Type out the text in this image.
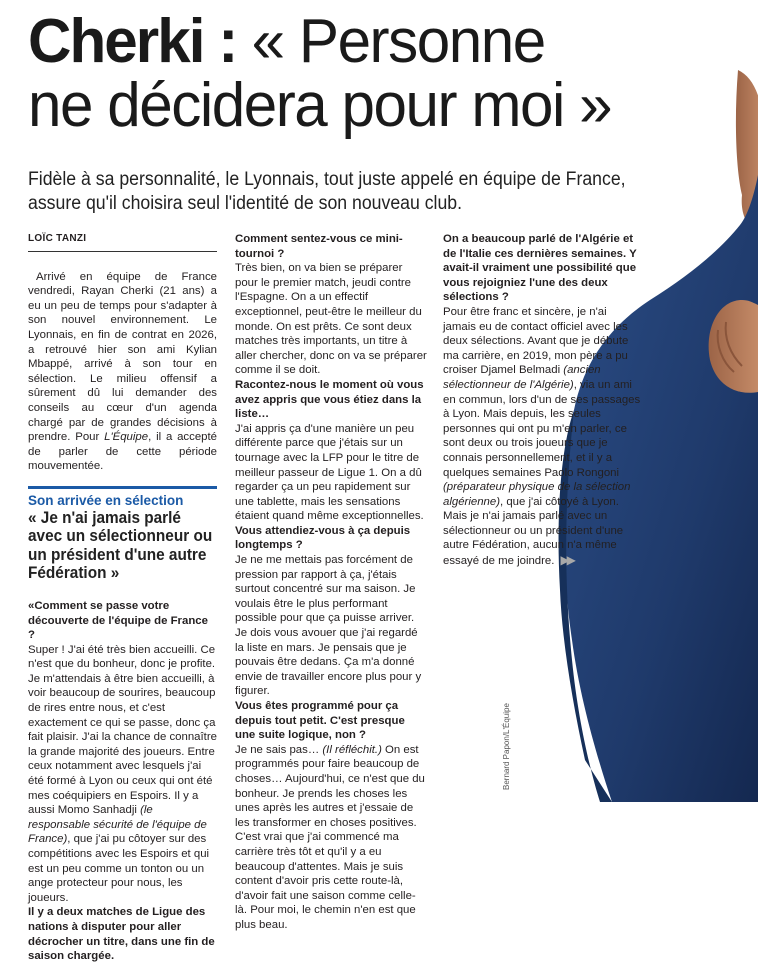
Cherki : « Personne
ne décidera pour moi »
Fidèle à sa personnalité, le Lyonnais, tout juste appelé en équipe de France,
assure qu'il choisira seul l'identité de son nouveau club.

LOÏC TANZI

Arrivé en équipe de France vendredi, Rayan Cherki (21 ans) a eu un peu de temps pour s'adapter à son nouvel environnement. Le Lyonnais, en fin de contrat en 2026, a retrouvé hier son ami Kylian Mbappé, arrivé à son tour en sélection. Le milieu offensif a sûrement dû lui demander des conseils au cœur d'un agenda chargé par de grandes décisions à prendre. Pour L'Équipe, il a accepté de parler de cette période mouvementée.

Son arrivée en sélection

« Je n'ai jamais parlé avec un sélectionneur ou un président d'une autre Fédération »

«Comment se passe votre découverte de l'équipe de France ?

Super ! J'ai été très bien accueilli. Ce n'est que du bonheur, donc je profite. Je m'attendais à être bien accueilli, à voir beaucoup de sourires, beaucoup de rires entre nous, et c'est exactement ce qui se passe, donc ça fait plaisir. J'ai la chance de connaître la grande majorité des joueurs. Entre ceux notamment avec lesquels j'ai été formé à Lyon ou ceux qui ont été mes coéquipiers en Espoirs. Il y a aussi Momo Sanhadji (le responsable sécurité de l'équipe de France), que j'ai pu côtoyer sur des compétitions avec les Espoirs et qui est un peu comme un tonton ou un ange protecteur pour nous, les joueurs.

Il y a deux matches de Ligue des nations à disputer pour aller décrocher un titre, dans une fin de saison chargée.

Comment sentez-vous ce mini-tournoi ?

Très bien, on va bien se préparer pour le premier match, jeudi contre l'Espagne. On a un effectif exceptionnel, peut-être le meilleur du monde. On est prêts. Ce sont deux matches très importants, un titre à aller chercher, donc on va se préparer comme il se doit.

Racontez-nous le moment où vous avez appris que vous étiez dans la liste…

J'ai appris ça d'une manière un peu différente parce que j'étais sur un tournage avec la LFP pour le titre de meilleur passeur de Ligue 1. On a dû regarder ça un peu rapidement sur une tablette, mais les sensations étaient quand même exceptionnelles.

Vous attendiez-vous à ça depuis longtemps ?

Je ne me mettais pas forcément de pression par rapport à ça, j'étais surtout concentré sur ma saison. Je voulais être le plus performant possible pour que ça puisse arriver. Je dois vous avouer que j'ai regardé la liste en mars. Je pensais que je pouvais être dedans. Ça m'a donné envie de travailler encore plus pour y figurer.

Vous êtes programmé pour ça depuis tout petit. C'est presque une suite logique, non ?

Je ne sais pas… (Il réfléchit.) On est programmés pour faire beaucoup de choses… Aujourd'hui, ce n'est que du bonheur. Je prends les choses les unes après les autres et j'essaie de les transformer en choses positives. C'est vrai que j'ai commencé ma carrière très tôt et qu'il y a eu beaucoup d'attentes. Mais je suis content d'avoir pris cette route-là, d'avoir fait une saison comme celle-là. Pour moi, le chemin n'en est que plus beau.

On a beaucoup parlé de l'Algérie et de l'Italie ces dernières semaines. Y avait-il vraiment une possibilité que vous rejoigniez l'une des deux sélections ?

Pour être franc et sincère, je n'ai jamais eu de contact officiel avec les deux sélections. Avant que je débute ma carrière, en 2019, mon père a pu croiser Djamel Belmadi (ancien sélectionneur de l'Algérie), via un ami en commun, lors d'un de ses passages à Lyon. Mais depuis, les seules personnes qui ont pu m'en parler, ce sont deux ou trois joueurs que je connais personnellement, et il y a quelques semaines Paolo Rongoni (préparateur physique de la sélection algérienne), que j'ai côtoyé à Lyon. Mais je n'ai jamais parlé avec un sélectionneur ou un président d'une autre Fédération, aucun n'a même essayé de me joindre. ▶▶

Bernard Papon/L'Équipe
